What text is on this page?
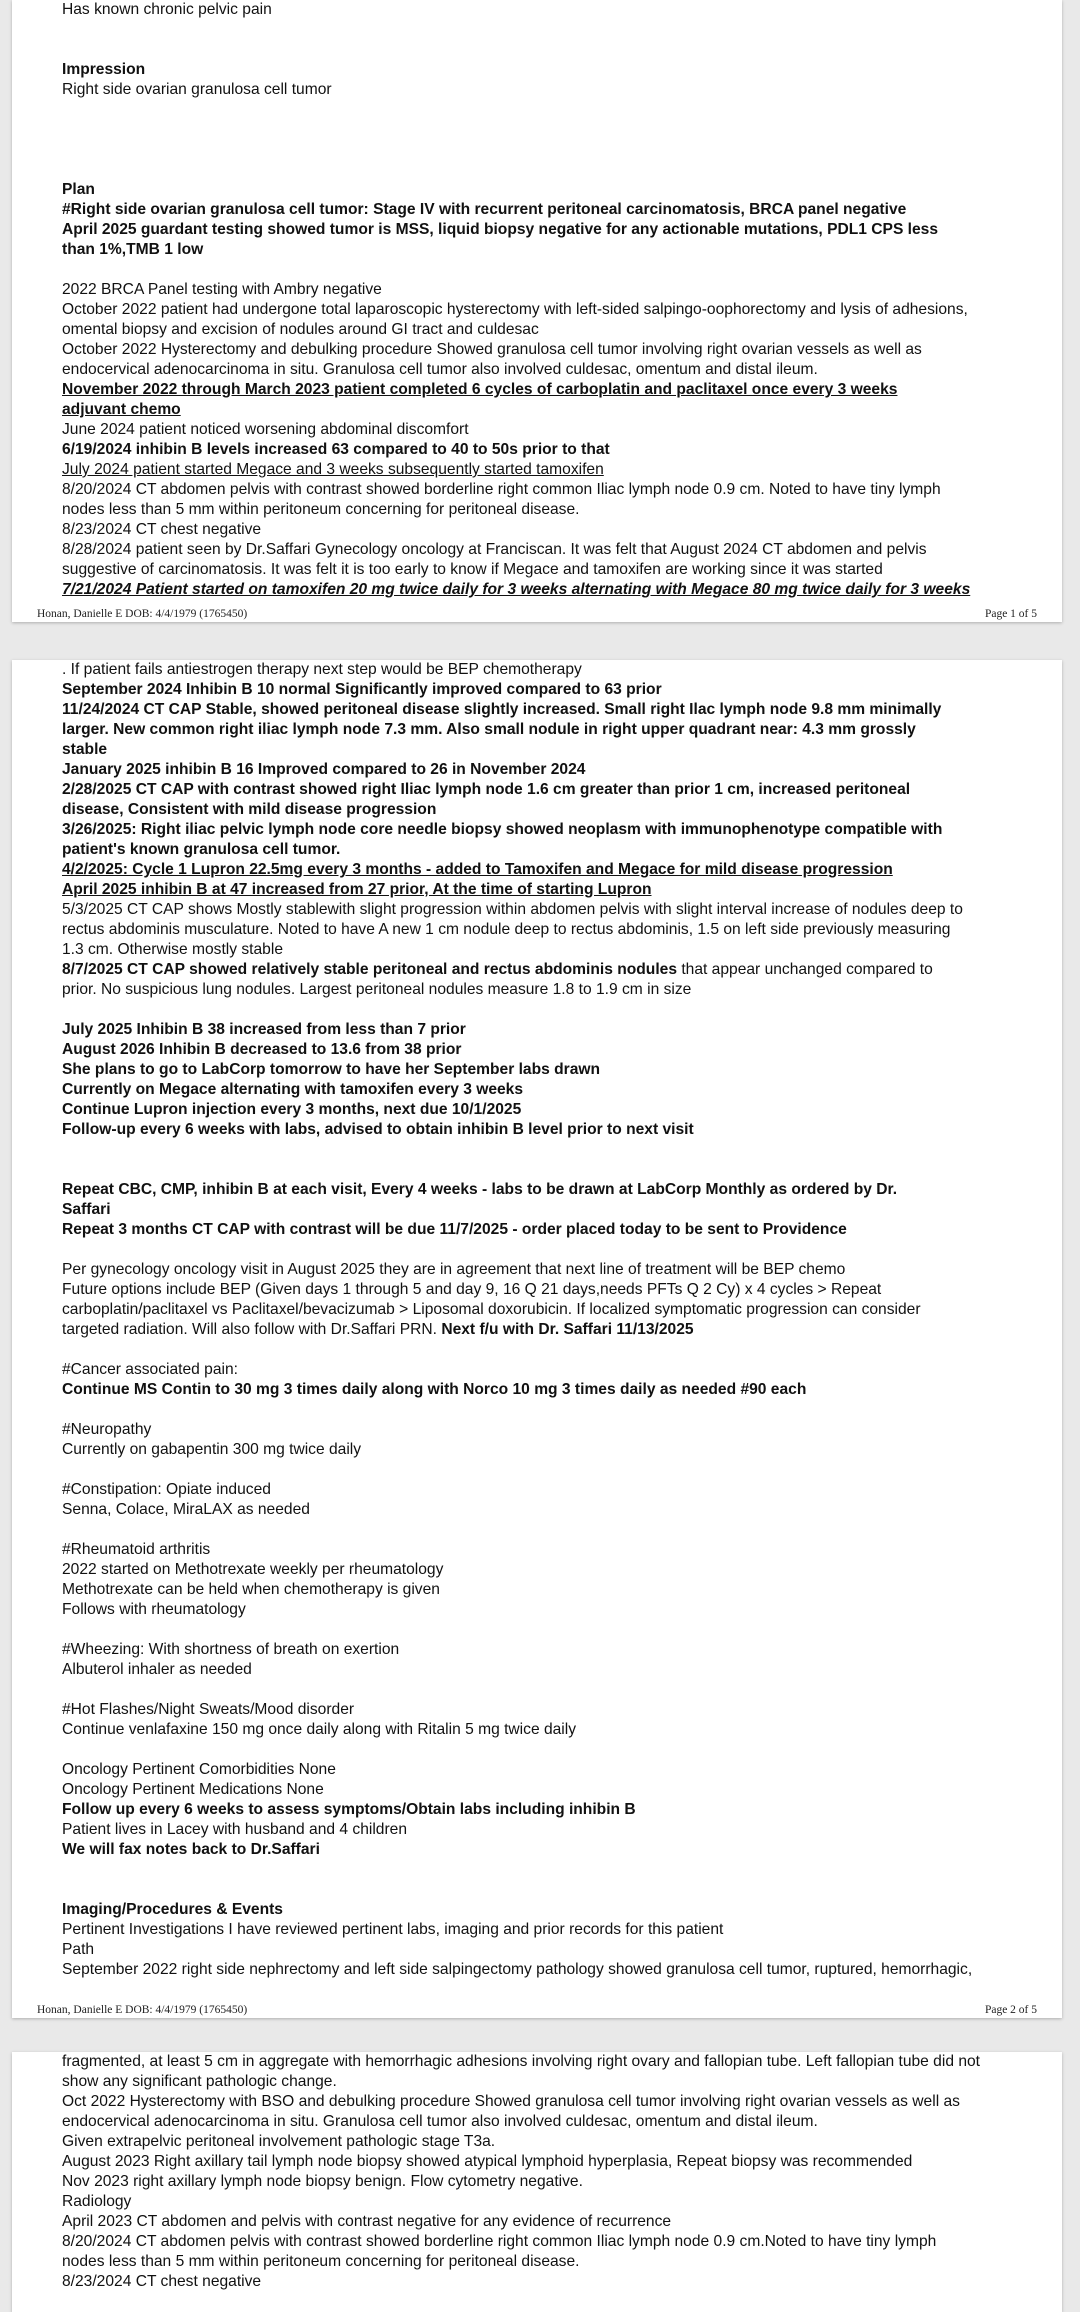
Has known chronic pelvic pain

Impression

Right side ovarian granulosa cell tumor

Plan

#Right side ovarian granulosa cell tumor: Stage IV with recurrent peritoneal carcinomatosis, BRCA panel negative

April 2025 guardant testing showed tumor is MSS, liquid biopsy negative for any actionable mutations, PDL1 CPS less

than 1%,TMB 1 low

2022 BRCA Panel testing with Ambry negative

October 2022 patient had undergone total laparoscopic hysterectomy with left-sided salpingo-oophorectomy and lysis of adhesions,

omental biopsy and excision of nodules around GI tract and culdesac

October 2022 Hysterectomy and debulking procedure Showed granulosa cell tumor involving right ovarian vessels as well as

endocervical adenocarcinoma in situ. Granulosa cell tumor also involved culdesac, omentum and distal ileum.

November 2022 through March 2023 patient completed 6 cycles of carboplatin and paclitaxel once every 3 weeks

adjuvant chemo

June 2024 patient noticed worsening abdominal discomfort

6/19/2024 inhibin B levels increased 63 compared to 40 to 50s prior to that

July 2024 patient started Megace and 3 weeks subsequently started tamoxifen

8/20/2024 CT abdomen pelvis with contrast showed borderline right common Iliac lymph node 0.9 cm. Noted to have tiny lymph

nodes less than 5 mm within peritoneum concerning for peritoneal disease.

8/23/2024 CT chest negative

8/28/2024 patient seen by Dr.Saffari Gynecology oncology at Franciscan. It was felt that August 2024 CT abdomen and pelvis

suggestive of carcinomatosis. It was felt it is too early to know if Megace and tamoxifen are working since it was started

7/21/2024 Patient started on tamoxifen 20 mg twice daily for 3 weeks alternating with Megace 80 mg twice daily for 3 weeks

Honan, Danielle E DOB: 4/4/1979 (1765450)	Page 1 of 5

. If patient fails antiestrogen therapy next step would be BEP chemotherapy

September 2024 Inhibin B 10 normal Significantly improved compared to 63 prior

11/24/2024 CT CAP Stable, showed peritoneal disease slightly increased. Small right Ilac lymph node 9.8 mm minimally

larger. New common right iliac lymph node 7.3 mm. Also small nodule in right upper quadrant near: 4.3 mm grossly

stable

January 2025 inhibin B 16 Improved compared to 26 in November 2024

2/28/2025 CT CAP with contrast showed right Iliac lymph node 1.6 cm greater than prior 1 cm, increased peritoneal

disease, Consistent with mild disease progression

3/26/2025: Right iliac pelvic lymph node core needle biopsy showed neoplasm with immunophenotype compatible with

patient's known granulosa cell tumor.

4/2/2025: Cycle 1 Lupron 22.5mg every 3 months - added to Tamoxifen and Megace for mild disease progression

April 2025 inhibin B at 47 increased from 27 prior, At the time of starting Lupron

5/3/2025 CT CAP shows Mostly stablewith slight progression within abdomen pelvis with slight interval increase of nodules deep to

rectus abdominis musculature. Noted to have A new 1 cm nodule deep to rectus abdominis, 1.5 on left side previously measuring

1.3 cm. Otherwise mostly stable

8/7/2025 CT CAP showed relatively stable peritoneal and rectus abdominis nodules that appear unchanged compared to

prior. No suspicious lung nodules. Largest peritoneal nodules measure 1.8 to 1.9 cm in size

July 2025 Inhibin B 38 increased from less than 7 prior

August 2026 Inhibin B decreased to 13.6 from 38 prior

She plans to go to LabCorp tomorrow to have her September labs drawn

Currently on Megace alternating with tamoxifen every 3 weeks

Continue Lupron injection every 3 months, next due 10/1/2025

Follow-up every 6 weeks with labs, advised to obtain inhibin B level prior to next visit

Repeat CBC, CMP, inhibin B at each visit, Every 4 weeks - labs to be drawn at LabCorp Monthly as ordered by Dr.

Saffari

Repeat 3 months CT CAP with contrast will be due 11/7/2025 - order placed today to be sent to Providence

Per gynecology oncology visit in August 2025 they are in agreement that next line of treatment will be BEP chemo

Future options include BEP (Given days 1 through 5 and day 9, 16 Q 21 days,needs PFTs Q 2 Cy) x 4 cycles > Repeat

carboplatin/paclitaxel vs Paclitaxel/bevacizumab > Liposomal doxorubicin. If localized symptomatic progression can consider

targeted radiation. Will also follow with Dr.Saffari PRN. Next f/u with Dr. Saffari 11/13/2025

#Cancer associated pain:

Continue MS Contin to 30 mg 3 times daily along with Norco 10 mg 3 times daily as needed #90 each

#Neuropathy

Currently on gabapentin 300 mg twice daily

#Constipation: Opiate induced

Senna, Colace, MiraLAX as needed

#Rheumatoid arthritis

2022 started on Methotrexate weekly per rheumatology

Methotrexate can be held when chemotherapy is given

Follows with rheumatology

#Wheezing: With shortness of breath on exertion

Albuterol inhaler as needed

#Hot Flashes/Night Sweats/Mood disorder

Continue venlafaxine 150 mg once daily along with Ritalin 5 mg twice daily

Oncology Pertinent Comorbidities None

Oncology Pertinent Medications None

Follow up every 6 weeks to assess symptoms/Obtain labs including inhibin B

Patient lives in Lacey with husband and 4 children

We will fax notes back to Dr.Saffari

Imaging/Procedures & Events

Pertinent Investigations I have reviewed pertinent labs, imaging and prior records for this patient

Path

September 2022 right side nephrectomy and left side salpingectomy pathology showed granulosa cell tumor, ruptured, hemorrhagic,

Honan, Danielle E DOB: 4/4/1979 (1765450)	Page 2 of 5

fragmented, at least 5 cm in aggregate with hemorrhagic adhesions involving right ovary and fallopian tube. Left fallopian tube did not

show any significant pathologic change.

Oct 2022 Hysterectomy with BSO and debulking procedure Showed granulosa cell tumor involving right ovarian vessels as well as

endocervical adenocarcinoma in situ. Granulosa cell tumor also involved culdesac, omentum and distal ileum.

Given extrapelvic peritoneal involvement pathologic stage T3a.

August 2023 Right axillary tail lymph node biopsy showed atypical lymphoid hyperplasia, Repeat biopsy was recommended

Nov 2023 right axillary lymph node biopsy benign. Flow cytometry negative.

Radiology

April 2023 CT abdomen and pelvis with contrast negative for any evidence of recurrence

8/20/2024 CT abdomen pelvis with contrast showed borderline right common Iliac lymph node 0.9 cm.Noted to have tiny lymph

nodes less than 5 mm within peritoneum concerning for peritoneal disease.

8/23/2024 CT chest negative
